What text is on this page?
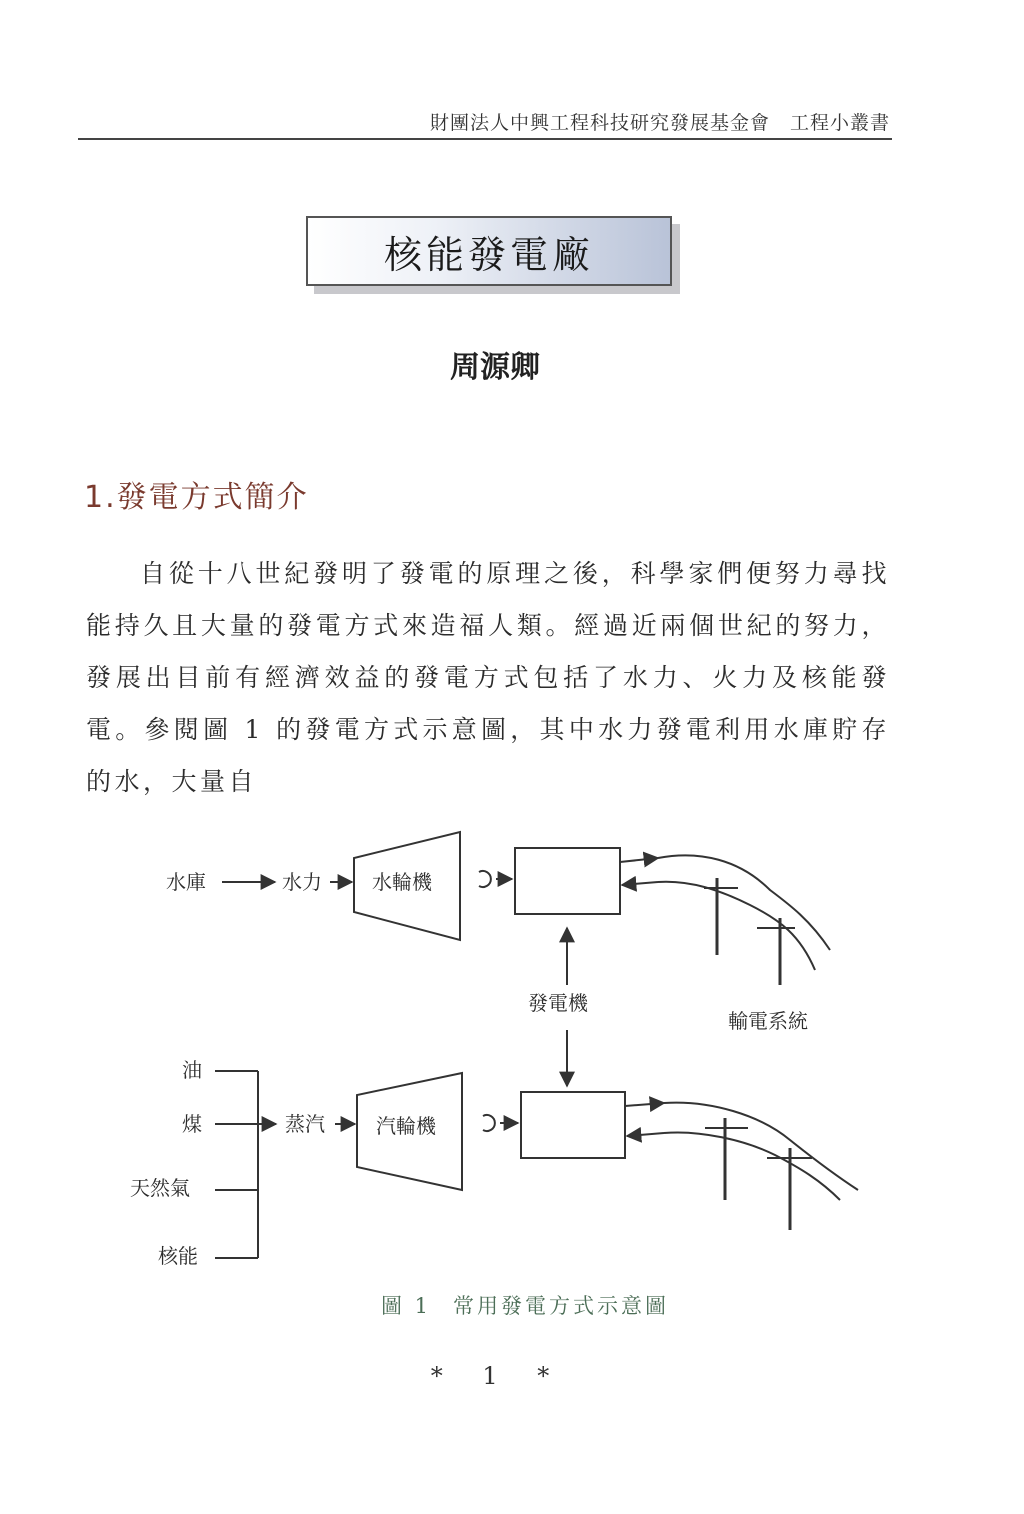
財團法人中興工程科技研究發展基金會　工程小叢書
核能發電廠
周源卿
1.發電方式簡介

自從十八世紀發明了發電的原理之後，科學家們便努力尋找能持久且大量的發電方式來造福人類。經過近兩個世紀的努力，發展出目前有經濟效益的發電方式包括了水力、火力及核能發電。參閱圖 1 的發電方式示意圖，其中水力發電利用水庫貯存的水，大量自

水庫	水力	水輪機
發電機
輸電系統
油
煤
天然氣
核能
蒸汽	汽輪機
圖 1 常用發電方式示意圖
* 1 *
